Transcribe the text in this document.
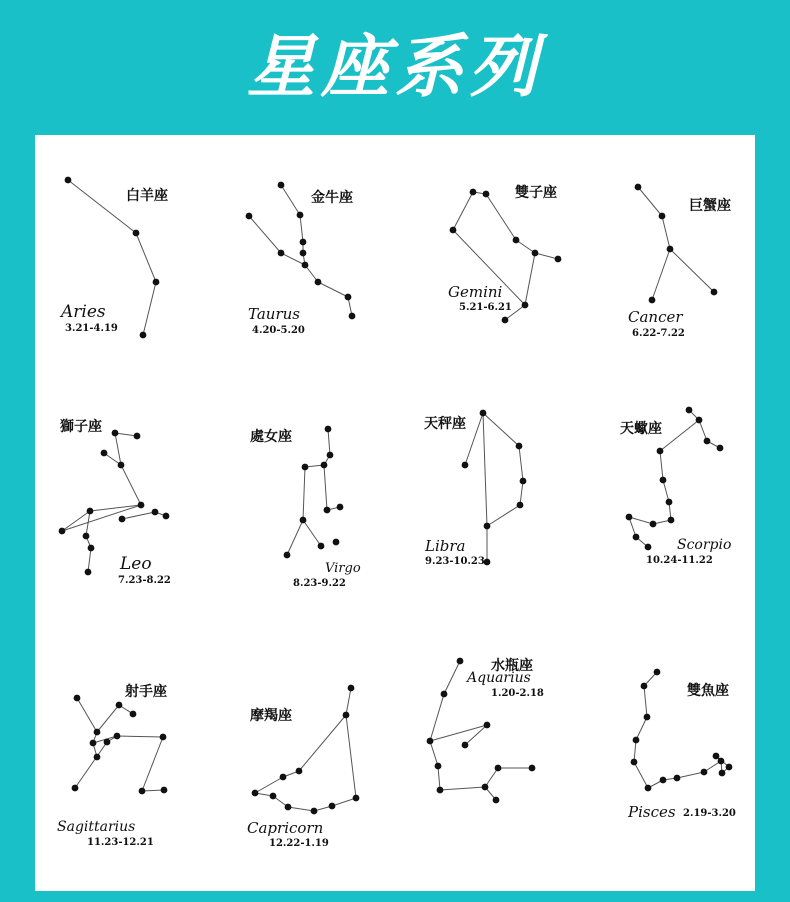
星座系列
白羊座
Aries
3.21-4.19
金牛座
Taurus
4.20-5.20
雙子座
Gemini
5.21-6.21
巨蟹座
Cancer
6.22-7.22
獅子座
Leo
7.23-8.22
處女座
Virgo
8.23-9.22
天秤座
Libra
9.23-10.23
天蠍座
Scorpio
10.24-11.22
射手座
Sagittarius
11.23-12.21
摩羯座
Capricorn
12.22-1.19
水瓶座
Aquarius
1.20-2.18	雙魚座
Pisces 2.19-3.20
